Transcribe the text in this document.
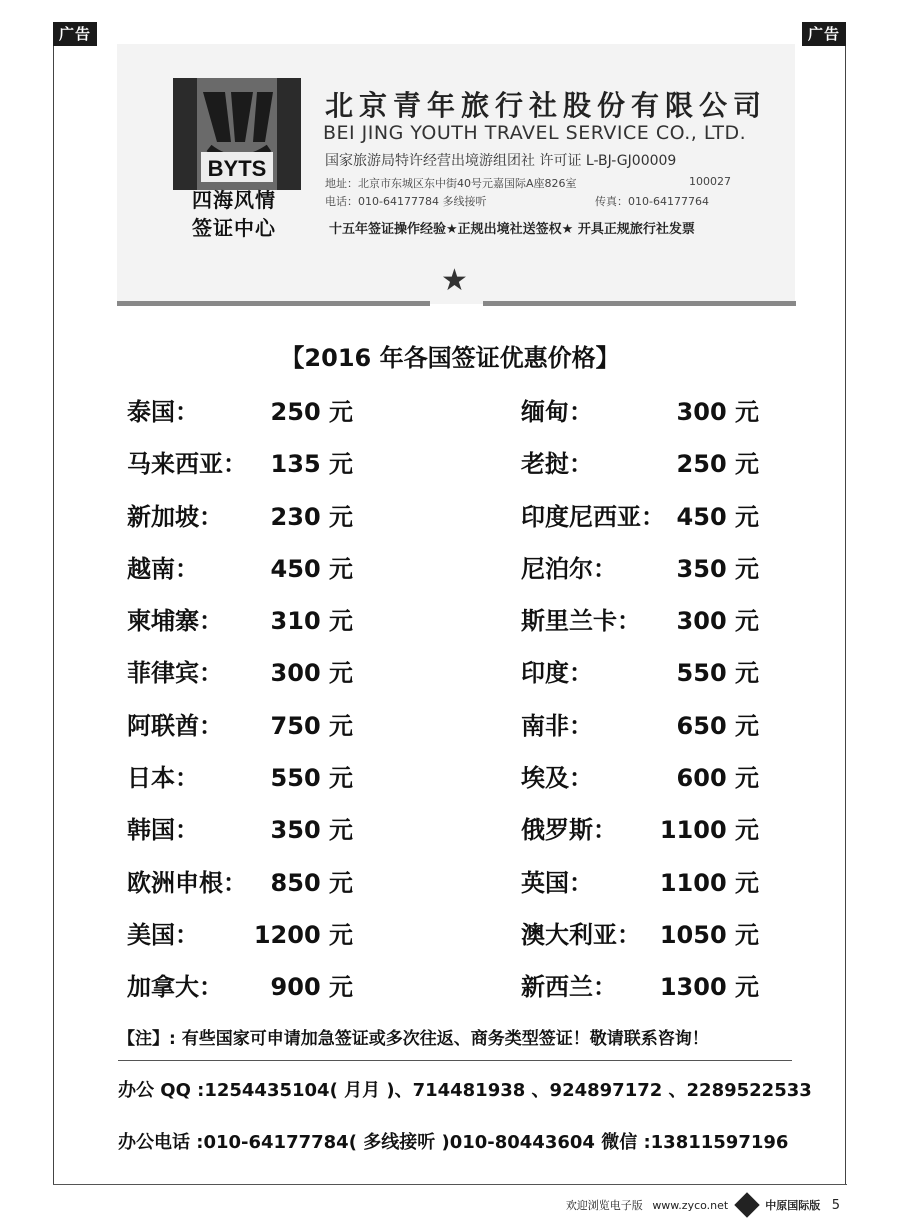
广告	广告
BYTS
四海风情
签证中心
北京青年旅行社股份有限公司
BEI JING YOUTH TRAVEL SERVICE CO., LTD.
国家旅游局特许经营出境游组团社 许可证 L-BJ-GJ00009
地址：北京市东城区东中街40号元嘉国际A座826室	100027
电话：010-64177784 多线接听	传真：010-64177764
十五年签证操作经验★正规出境社送签权★ 开具正规旅行社发票
★
【2016 年各国签证优惠价格】
泰国：	250 元
马来西亚： 135 元
新加坡： 230 元
越南：	450 元
柬埔寨： 310 元
菲律宾： 300 元
阿联酋： 750 元
日本：	550 元
韩国：	350 元
欧洲申根： 850 元
美国： 1200 元
加拿大： 900 元
缅甸：	300 元
老挝：	250 元
印度尼西亚： 450 元
尼泊尔： 350 元
斯里兰卡： 300 元
印度：	550 元
南非：	650 元
埃及：	600 元
俄罗斯： 1100 元
英国：	1100 元
澳大利亚： 1050 元
新西兰： 1300 元
【注】: 有些国家可申请加急签证或多次往返、商务类型签证！敬请联系咨询！
办公 QQ :1254435104( 月月 )、714481938 、924897172 、2289522533
办公电话 :010-64177784( 多线接听 )010-80443604 微信 :13811597196
欢迎浏览电子版 www.zyco.net	中原国际版 5
